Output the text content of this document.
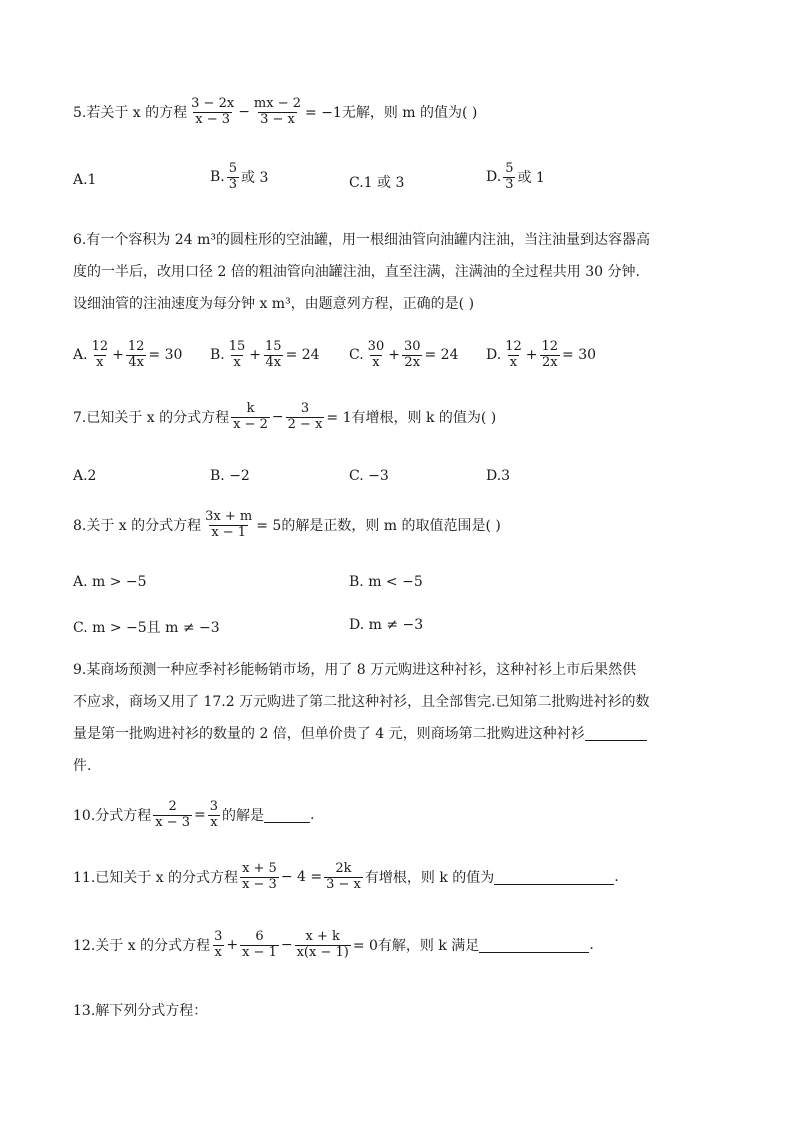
5.若关于 x 的方程 $\frac{3 - 2x}{x - 3} - \frac{mx - 2}{3 - x} = -1$无解，则 m 的值为( )
A.1	B. $\frac{5}{3}$ 或 3	C.1 或 3	D. $\frac{5}{3}$ 或 1
6.有一个容积为 24 m³的圆柱形的空油罐，用一根细油管向油罐内注油，当注油量到达容器高
度的一半后，改用口径 2 倍的粗油管向油罐注油，直至注满，注满油的全过程共用 30 分钟.
设细油管的注油速度为每分钟 x m³，由题意列方程，正确的是( )
A. $\frac{12}{x} + \frac{12}{4x} = 30$ B. $\frac{15}{x} + \frac{15}{4x} = 24$ C. $\frac{30}{x} + \frac{30}{2x} = 24$ D. $\frac{12}{x} + \frac{12}{2x} = 30$
7.已知关于 x 的分式方程 $\frac{k}{x - 2} - \frac{3}{2 - x} = 1$有增根，则 k 的值为( )
A.2	B. −2	C. −3	D.3
8.关于 x 的分式方程 $\frac{3x + m}{x - 1} = 5$的解是正数，则 m 的取值范围是( )
A. m > −5	B. m < −5
C. m > −5且 m ≠ −3	D. m ≠ −3
9.某商场预测一种应季衬衫能畅销市场，用了 8 万元购进这种衬衫，这种衬衫上市后果然供
不应求，商场又用了 17.2 万元购进了第二批这种衬衫，且全部售完.已知第二批购进衬衫的数
量是第一批购进衬衫的数量的 2 倍，但单价贵了 4 元，则商场第二批购进这种衬衫
件.
10.分式方程 $\frac{2}{x - 3} = \frac{3}{x}$ 的解是	.
11.已知关于 x 的分式方程 $\frac{x + 5}{x - 3} - 4 = \frac{2k}{3 - x}$ 有增根，则 k 的值为	.
12.关于 x 的分式方程 $\frac{3}{x} + \frac{6}{x - 1} - \frac{x + k}{x(x - 1)} = 0$有解，则 k 满足	.
13.解下列分式方程：
